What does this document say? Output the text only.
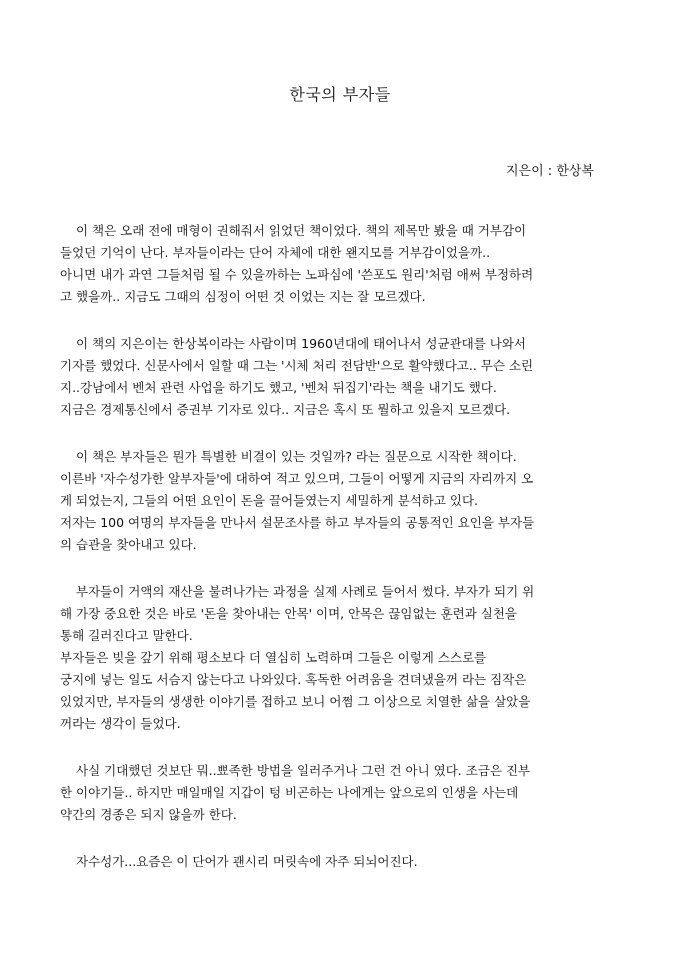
한국의 부자들
지은이 : 한상복
이 책은 오래 전에 매형이 권해줘서 읽었던 책이었다. 책의 제목만 봤을 때 거부감이
들었던 기억이 난다. 부자들이라는 단어 자체에 대한 왠지모를 거부감이었을까..
아니면 내가 과연 그들처럼 될 수 있을까하는 노파심에 '쓴포도 원리'처럼 애써 부정하려
고 했을까.. 지금도 그때의 심정이 어떤 것 이었는 지는 잘 모르겠다.
이 책의 지은이는 한상복이라는 사람이며 1960년대에 태어나서 성균관대를 나와서
기자를 했었다. 신문사에서 일할 때 그는 '시체 처리 전담반'으로 활약했다고.. 무슨 소린
지..강남에서 벤처 관련 사업을 하기도 했고, '벤처 뒤집기'라는 책을 내기도 했다.
지금은 경제통신에서 증권부 기자로 있다.. 지금은 혹시 또 뭘하고 있을지 모르겠다.
이 책은 부자들은 뭔가 특별한 비결이 있는 것일까? 라는 질문으로 시작한 책이다.
이른바 '자수성가한 알부자들'에 대하여 적고 있으며, 그들이 어떻게 지금의 자리까지 오
게 되었는지, 그들의 어떤 요인이 돈을 끌어들였는지 세밀하게 분석하고 있다.
저자는 100 여명의 부자들을 만나서 설문조사를 하고 부자들의 공통적인 요인을 부자들
의 습관을 찾아내고 있다.
부자들이 거액의 재산을 불려나가는 과정을 실제 사례로 들어서 썼다. 부자가 되기 위
해 가장 중요한 것은 바로 '돈을 찾아내는 안목' 이며, 안목은 끊임없는 훈련과 실천을
통해 길러진다고 말한다.
부자들은 빚을 갚기 위해 평소보다 더 열심히 노력하며 그들은 이렇게 스스로를
궁지에 넣는 일도 서슴지 않는다고 나와있다. 혹독한 어려움을 견뎌냈을꺼 라는 짐작은
있었지만, 부자들의 생생한 이야기를 접하고 보니 어쩜 그 이상으로 치열한 삶을 살았을
꺼라는 생각이 들었다.
사실 기대했던 것보단 뭐..뾰족한 방법을 일러주거나 그런 건 아니 였다. 조금은 진부
한 이야기들.. 하지만 매일매일 지갑이 텅 비곤하는 나에게는 앞으로의 인생을 사는데
약간의 경종은 되지 않을까 한다.
자수성가...요즘은 이 단어가 괜시리 머릿속에 자주 되뇌어진다.
